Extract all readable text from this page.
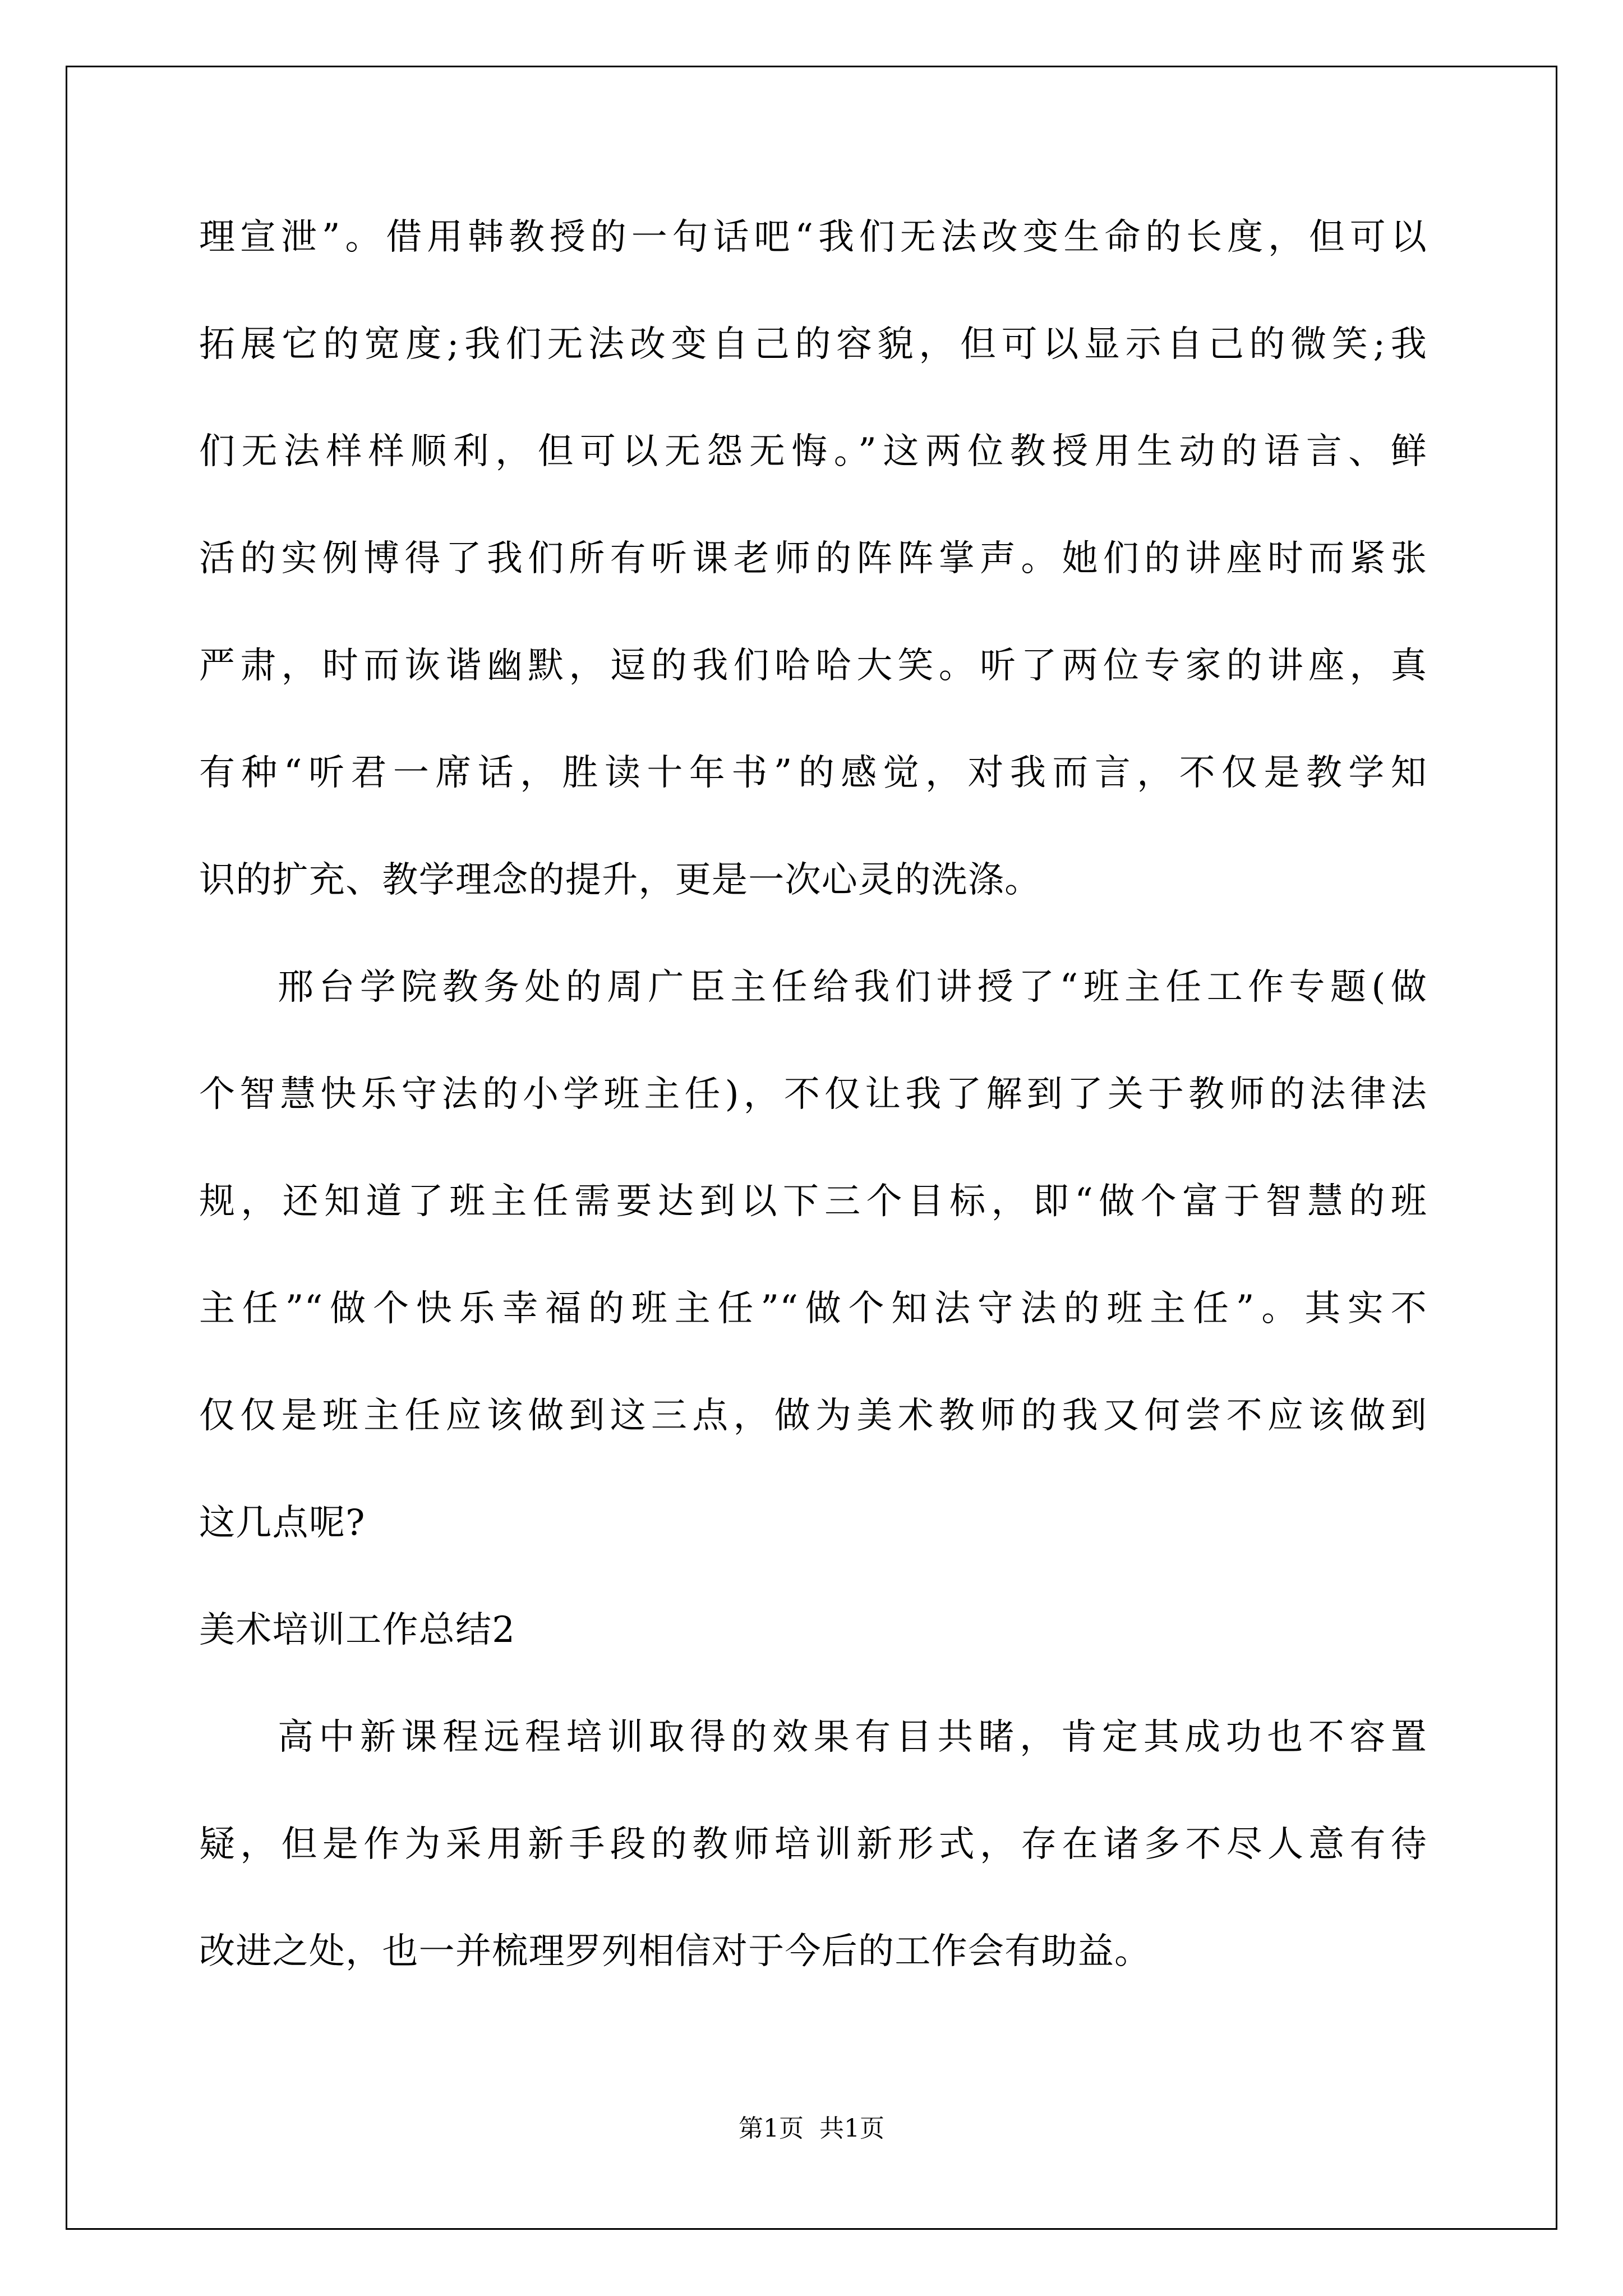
理宣泄”。借用韩教授的一句话吧“我们无法改变生命的长度，但可以
拓展它的宽度;我们无法改变自己的容貌，但可以显示自己的微笑;我
们无法样样顺利，但可以无怨无悔。”这两位教授用生动的语言、鲜
活的实例博得了我们所有听课老师的阵阵掌声。她们的讲座时而紧张
严肃，时而诙谐幽默，逗的我们哈哈大笑。听了两位专家的讲座，真
有种“听君一席话，胜读十年书”的感觉，对我而言，不仅是教学知
识的扩充、教学理念的提升，更是一次心灵的洗涤。
邢台学院教务处的周广臣主任给我们讲授了“班主任工作专题(做
个智慧快乐守法的小学班主任)，不仅让我了解到了关于教师的法律法
规，还知道了班主任需要达到以下三个目标，即“做个富于智慧的班
主任”“做个快乐幸福的班主任”“做个知法守法的班主任”。其实不
仅仅是班主任应该做到这三点，做为美术教师的我又何尝不应该做到
这几点呢?
美术培训工作总结2
高中新课程远程培训取得的效果有目共睹，肯定其成功也不容置
疑，但是作为采用新手段的教师培训新形式，存在诸多不尽人意有待
改进之处，也一并梳理罗列相信对于今后的工作会有助益。
第1页 共1页
